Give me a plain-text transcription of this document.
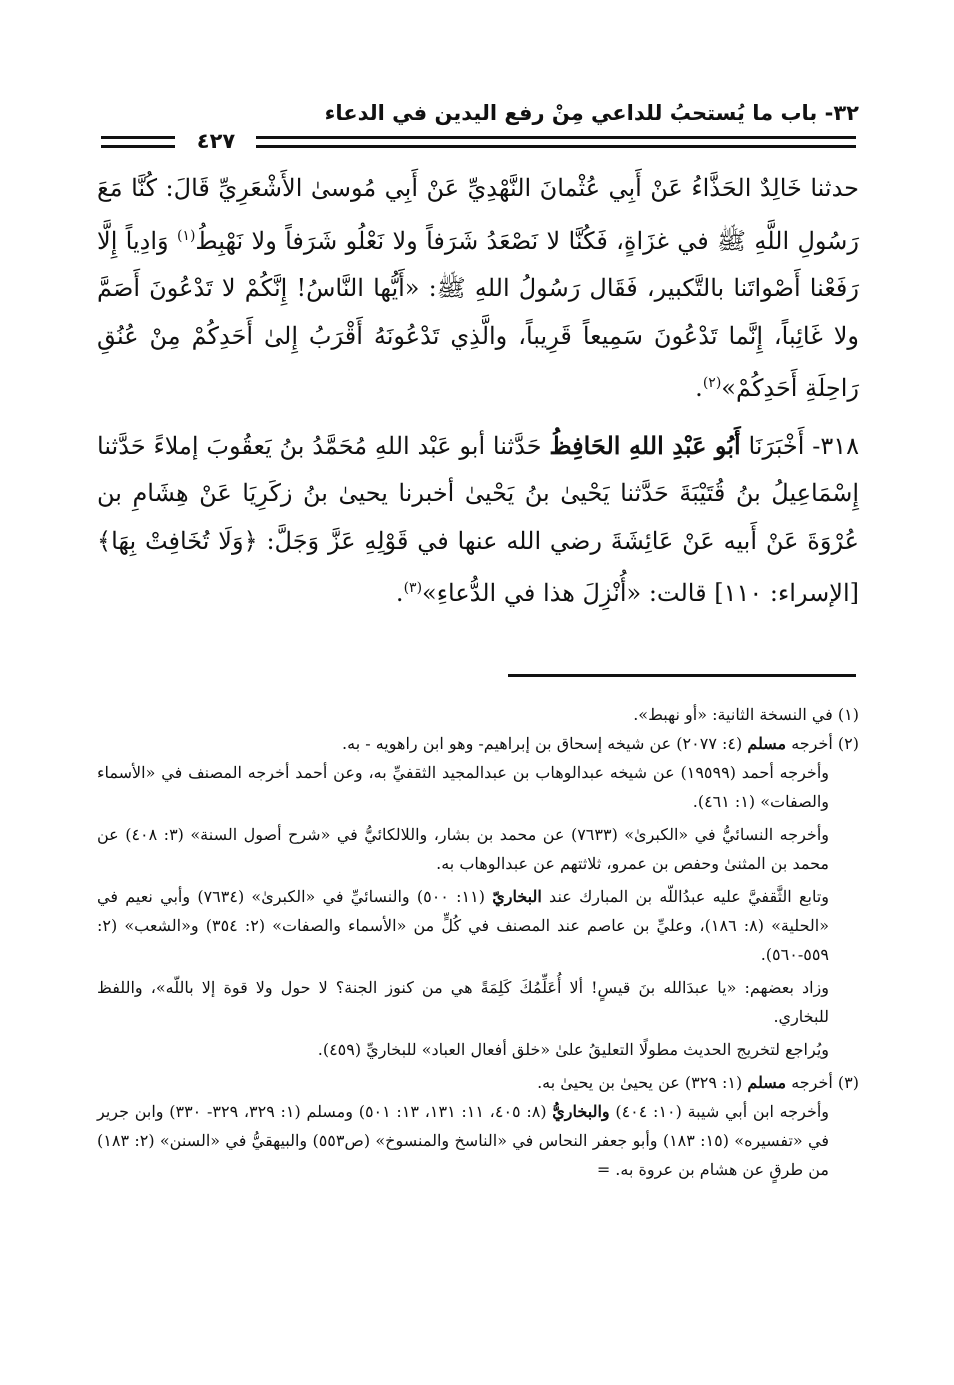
٣٢- باب ما يُستحبُ للداعي مِنْ رفع اليدين في الدعاء
٤٢٧

حدثنا خَالِدٌ الحَذَّاءُ عَنْ أَبِي عُثْمانَ النَّهْدِيِّ عَنْ أَبِي مُوسىٰ الأَشْعَرِيِّ قَالَ: كُنَّا مَعَ رَسُولِ اللَّهِ ﷺ في غزَاةٍ، فَكُنَّا لا نَصْعَدُ شَرَفاً ولا نَعْلُو شَرَفاً ولا نَهْبِطُ$^{(١)}$ وَادِياً إِلَّا رَفَعْنا أَصْواتَنا بالتَّكبير، فَقَال رَسُولُ اللهِ ﷺ: «أَيُّها النَّاسُ! إِنَّكُمْ لا تَدْعُونَ أَصَمَّ ولا غَائِباً، إِنَّما تَدْعُونَ سَمِيعاً قَرِيباً، والَّذِي تَدْعُونَهُ أَقْرَبُ إِلىٰ أَحَدِكُمْ مِنْ عُنُقِ رَاحِلَةِ أَحَدِكُمْ»$^{(٢)}$.

٣١٨- أَخْبَرَنَا أَبُو عَبْدِ اللهِ الحَافِظُ حَدَّثنا أبو عَبْد اللهِ مُحَمَّدُ بنُ يَعقُوبَ إملاءً حَدَّثنا إِسْمَاعِيلُ بنُ قُتَيْبَةَ حَدَّثنا يَحْيىٰ بنُ يَحْيىٰ أخبرنا يحيىٰ بنُ زكَرِيَا عَنْ هِشَامِ بن عُرْوَةَ عَنْ أَبيه عَنْ عَائِشَةَ رضي الله عنها في قَوْلِهِ عَزَّ وَجَلَّ: ﴿وَلَا تُخَافِتْ بِهَا﴾ [الإسراء: ١١٠] قالت: «أُنْزِلَ هذا في الدُّعاءِ»$^{(٣)}$.

(١) في النسخة الثانية: «أو نهبط».

(٢) أخرجه مسلم (٤: ٢٠٧٧) عن شيخه إسحاق بن إبراهيم- وهو ابن راهويه - به.

وأخرجه أحمد (١٩٥٩٩) عن شيخه عبدالوهاب بن عبدالمجيد الثقفيِّ به، وعن أحمد أخرجه المصنف في «الأسماء والصفات» (١: ٤٦١).

وأخرجه النسائيُّ في «الكبرىٰ» (٧٦٣٣) عن محمد بن بشار، واللالكائيُّ في «شرح أصول السنة» (٣: ٤٠٨) عن محمد بن المثنىٰ وحفص بن عمرو، ثلاثتهم عن عبدالوهاب به.

وتابع الثَّقفيَّ عليه عبدُاللّه بن المبارك عند البخاريّ (١١: ٥٠٠) والنسائيِّ في «الكبرىٰ» (٧٦٣٤) وأبي نعيم في «الحلية» (٨: ١٨٦)، وعليِّ بن عاصم عند المصنف في كُلٍّ من «الأسماء والصفات» (٢: ٣٥٤) و«الشعب» (٢: ٥٥٩-٥٦٠).

وزاد بعضهم: «يا عبدَالله بنَ قيسٍ! ألا أُعَلِّمُكَ كَلِمَةً هي من كنوز الجنة؟ لا حول ولا قوة إلا باللّه»، واللفظ للبخاري.

ويُراجع لتخريج الحديث مطولًا التعليقُ علىٰ «خلق أفعال العباد» للبخاريِّ (٤٥٩).

(٣) أخرجه مسلم (١: ٣٢٩) عن يحيىٰ بن يحيىٰ به.

وأخرجه ابن أبي شيبة (١٠: ٤٠٤) والبخاريُّ (٨: ٤٠٥، ١١: ١٣١، ١٣: ٥٠١) ومسلم (١: ٣٢٩، ٣٢٩- ٣٣٠) وابن جرير في «تفسيره» (١٥: ١٨٣) وأبو جعفر النحاس في «الناسخ والمنسوخ» (ص٥٥٣) والبيهقيُّ في «السنن» (٢: ١٨٣) من طرقٍ عن هشام بن عروة به. =
